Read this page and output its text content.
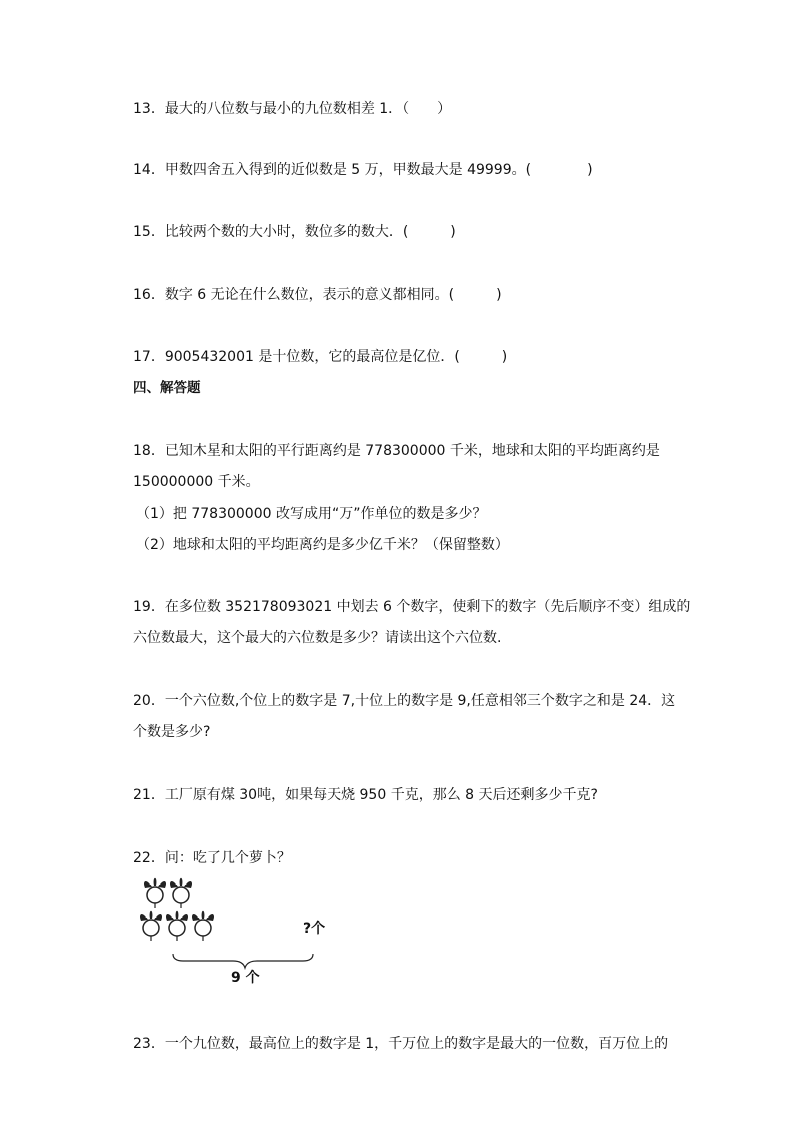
13．最大的八位数与最小的九位数相差 1．（　　）
14．甲数四舍五入得到的近似数是 5 万，甲数最大是 49999。(　　　　)
15．比较两个数的大小时，数位多的数大．(　　　)
16．数字 6 无论在什么数位，表示的意义都相同。(　　　)
17．9005432001 是十位数，它的最高位是亿位．(　　　)
四、解答题
18．已知木星和太阳的平行距离约是 778300000 千米，地球和太阳的平均距离约是
150000000 千米。
（1）把 778300000 改写成用“万”作单位的数是多少？
（2）地球和太阳的平均距离约是多少亿千米？（保留整数）
19．在多位数 352178093021 中划去 6 个数字，使剩下的数字（先后顺序不变）组成的
六位数最大，这个最大的六位数是多少？请读出这个六位数.
20．一个六位数,个位上的数字是 7,十位上的数字是 9,任意相邻三个数字之和是 24．这
个数是多少?
21．工厂原有煤 30吨，如果每天烧 950 千克，那么 8 天后还剩多少千克?
22．问：吃了几个萝卜？
?个
9 个
23．一个九位数，最高位上的数字是 1，千万位上的数字是最大的一位数，百万位上的
